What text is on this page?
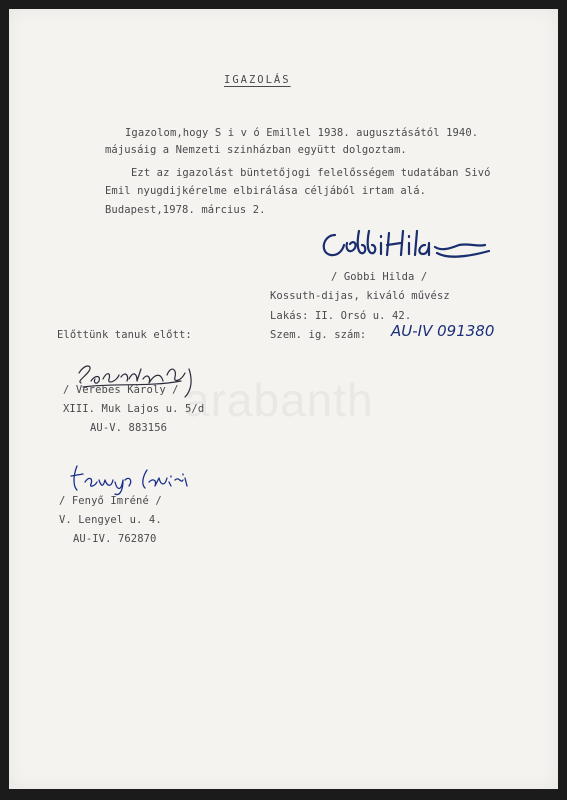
IGAZOLÁS
Igazolom,hogy S i v ó Emillel 1938. augusztásától 1940.
májusáig a Nemzeti szinházban együtt dolgoztam.
Ezt az igazolást büntetőjogi felelősségem tudatában Sivó
Emil nyugdijkérelme elbirálása céljából irtam alá.
Budapest,1978. március 2.
/ Gobbi Hilda /
Kossuth-dijas, kiváló művész
Lakás: II. Orsó u. 42.
Szem. ig. szám: AU-IV 091380
Előttünk tanuk előtt:
/ Verebes Károly /
XIII. Muk Lajos u. 5/d
AU-V. 883156
/ Fenyő Imréné /
V. Lengyel u. 4.
AU-IV. 762870
arabanth
